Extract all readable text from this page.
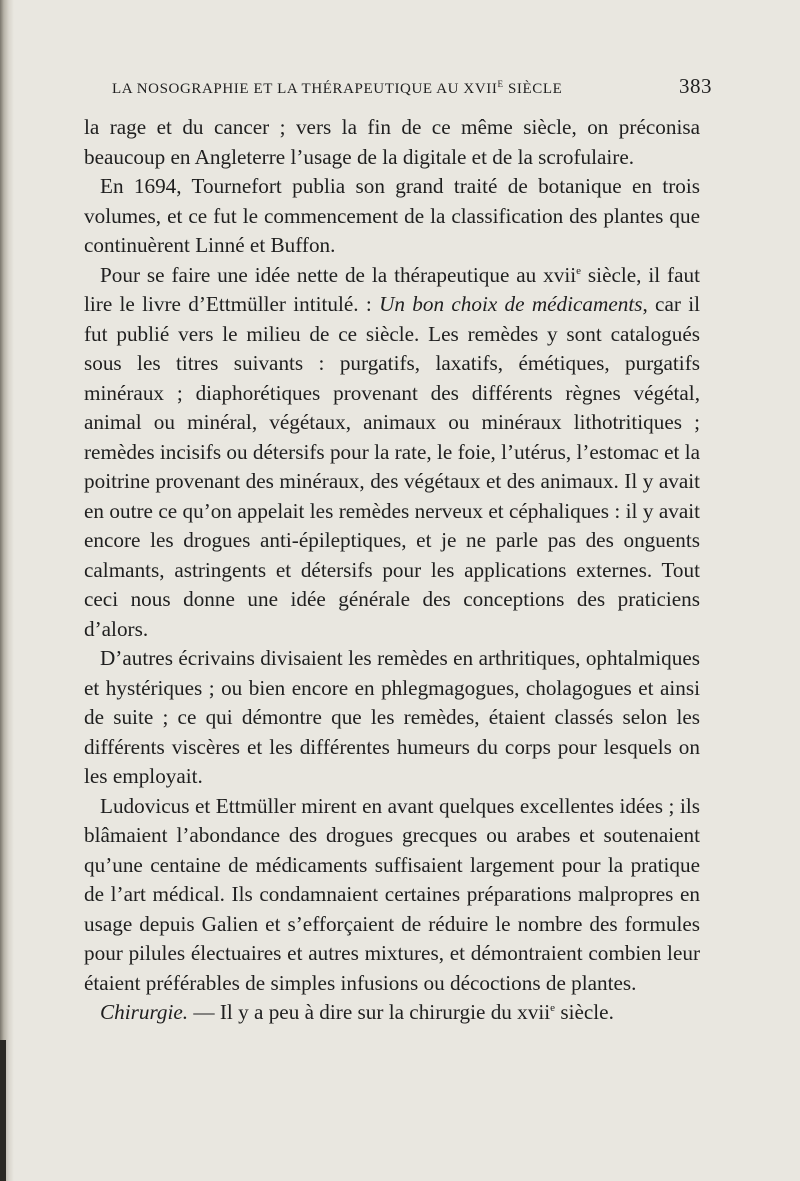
LA NOSOGRAPHIE ET LA THÉRAPEUTIQUE AU $XVII^E$ SIÈCLE	383

la rage et du cancer ; vers la fin de ce même siècle, on préconisa beaucoup en Angleterre l’usage de la digitale et de la scrofulaire.

En 1694, Tournefort publia son grand traité de botanique en trois volumes, et ce fut le commencement de la classification des plantes que continuèrent Linné et Buffon.

Pour se faire une idée nette de la thérapeutique au xvii$^e$ siècle, il faut lire le livre d’Ettmüller intitulé. : Un bon choix de médicaments, car il fut publié vers le milieu de ce siècle. Les remèdes y sont catalogués sous les titres suivants : purgatifs, laxatifs, émétiques, purgatifs minéraux ; diaphorétiques provenant des différents règnes végétal, animal ou minéral, végétaux, animaux ou minéraux lithotritiques ; remèdes incisifs ou détersifs pour la rate, le foie, l’utérus, l’estomac et la poitrine provenant des minéraux, des végétaux et des animaux. Il y avait en outre ce qu’on appelait les remèdes nerveux et céphaliques : il y avait encore les drogues anti-épileptiques, et je ne parle pas des onguents calmants, astringents et détersifs pour les applications externes. Tout ceci nous donne une idée générale des conceptions des praticiens d’alors.

D’autres écrivains divisaient les remèdes en arthritiques, ophtalmiques et hystériques ; ou bien encore en phlegmagogues, cholagogues et ainsi de suite ; ce qui démontre que les remèdes, étaient classés selon les différents viscères et les différentes humeurs du corps pour lesquels on les employait.

Ludovicus et Ettmüller mirent en avant quelques excellentes idées ; ils blâmaient l’abondance des drogues grecques ou arabes et soutenaient qu’une centaine de médicaments suffisaient largement pour la pratique de l’art médical. Ils condamnaient certaines préparations malpropres en usage depuis Galien et s’efforçaient de réduire le nombre des formules pour pilules électuaires et autres mixtures, et démontraient combien leur étaient préférables de simples infusions ou décoctions de plantes.

Chirurgie. — Il y a peu à dire sur la chirurgie du xvii$^e$ siècle.
